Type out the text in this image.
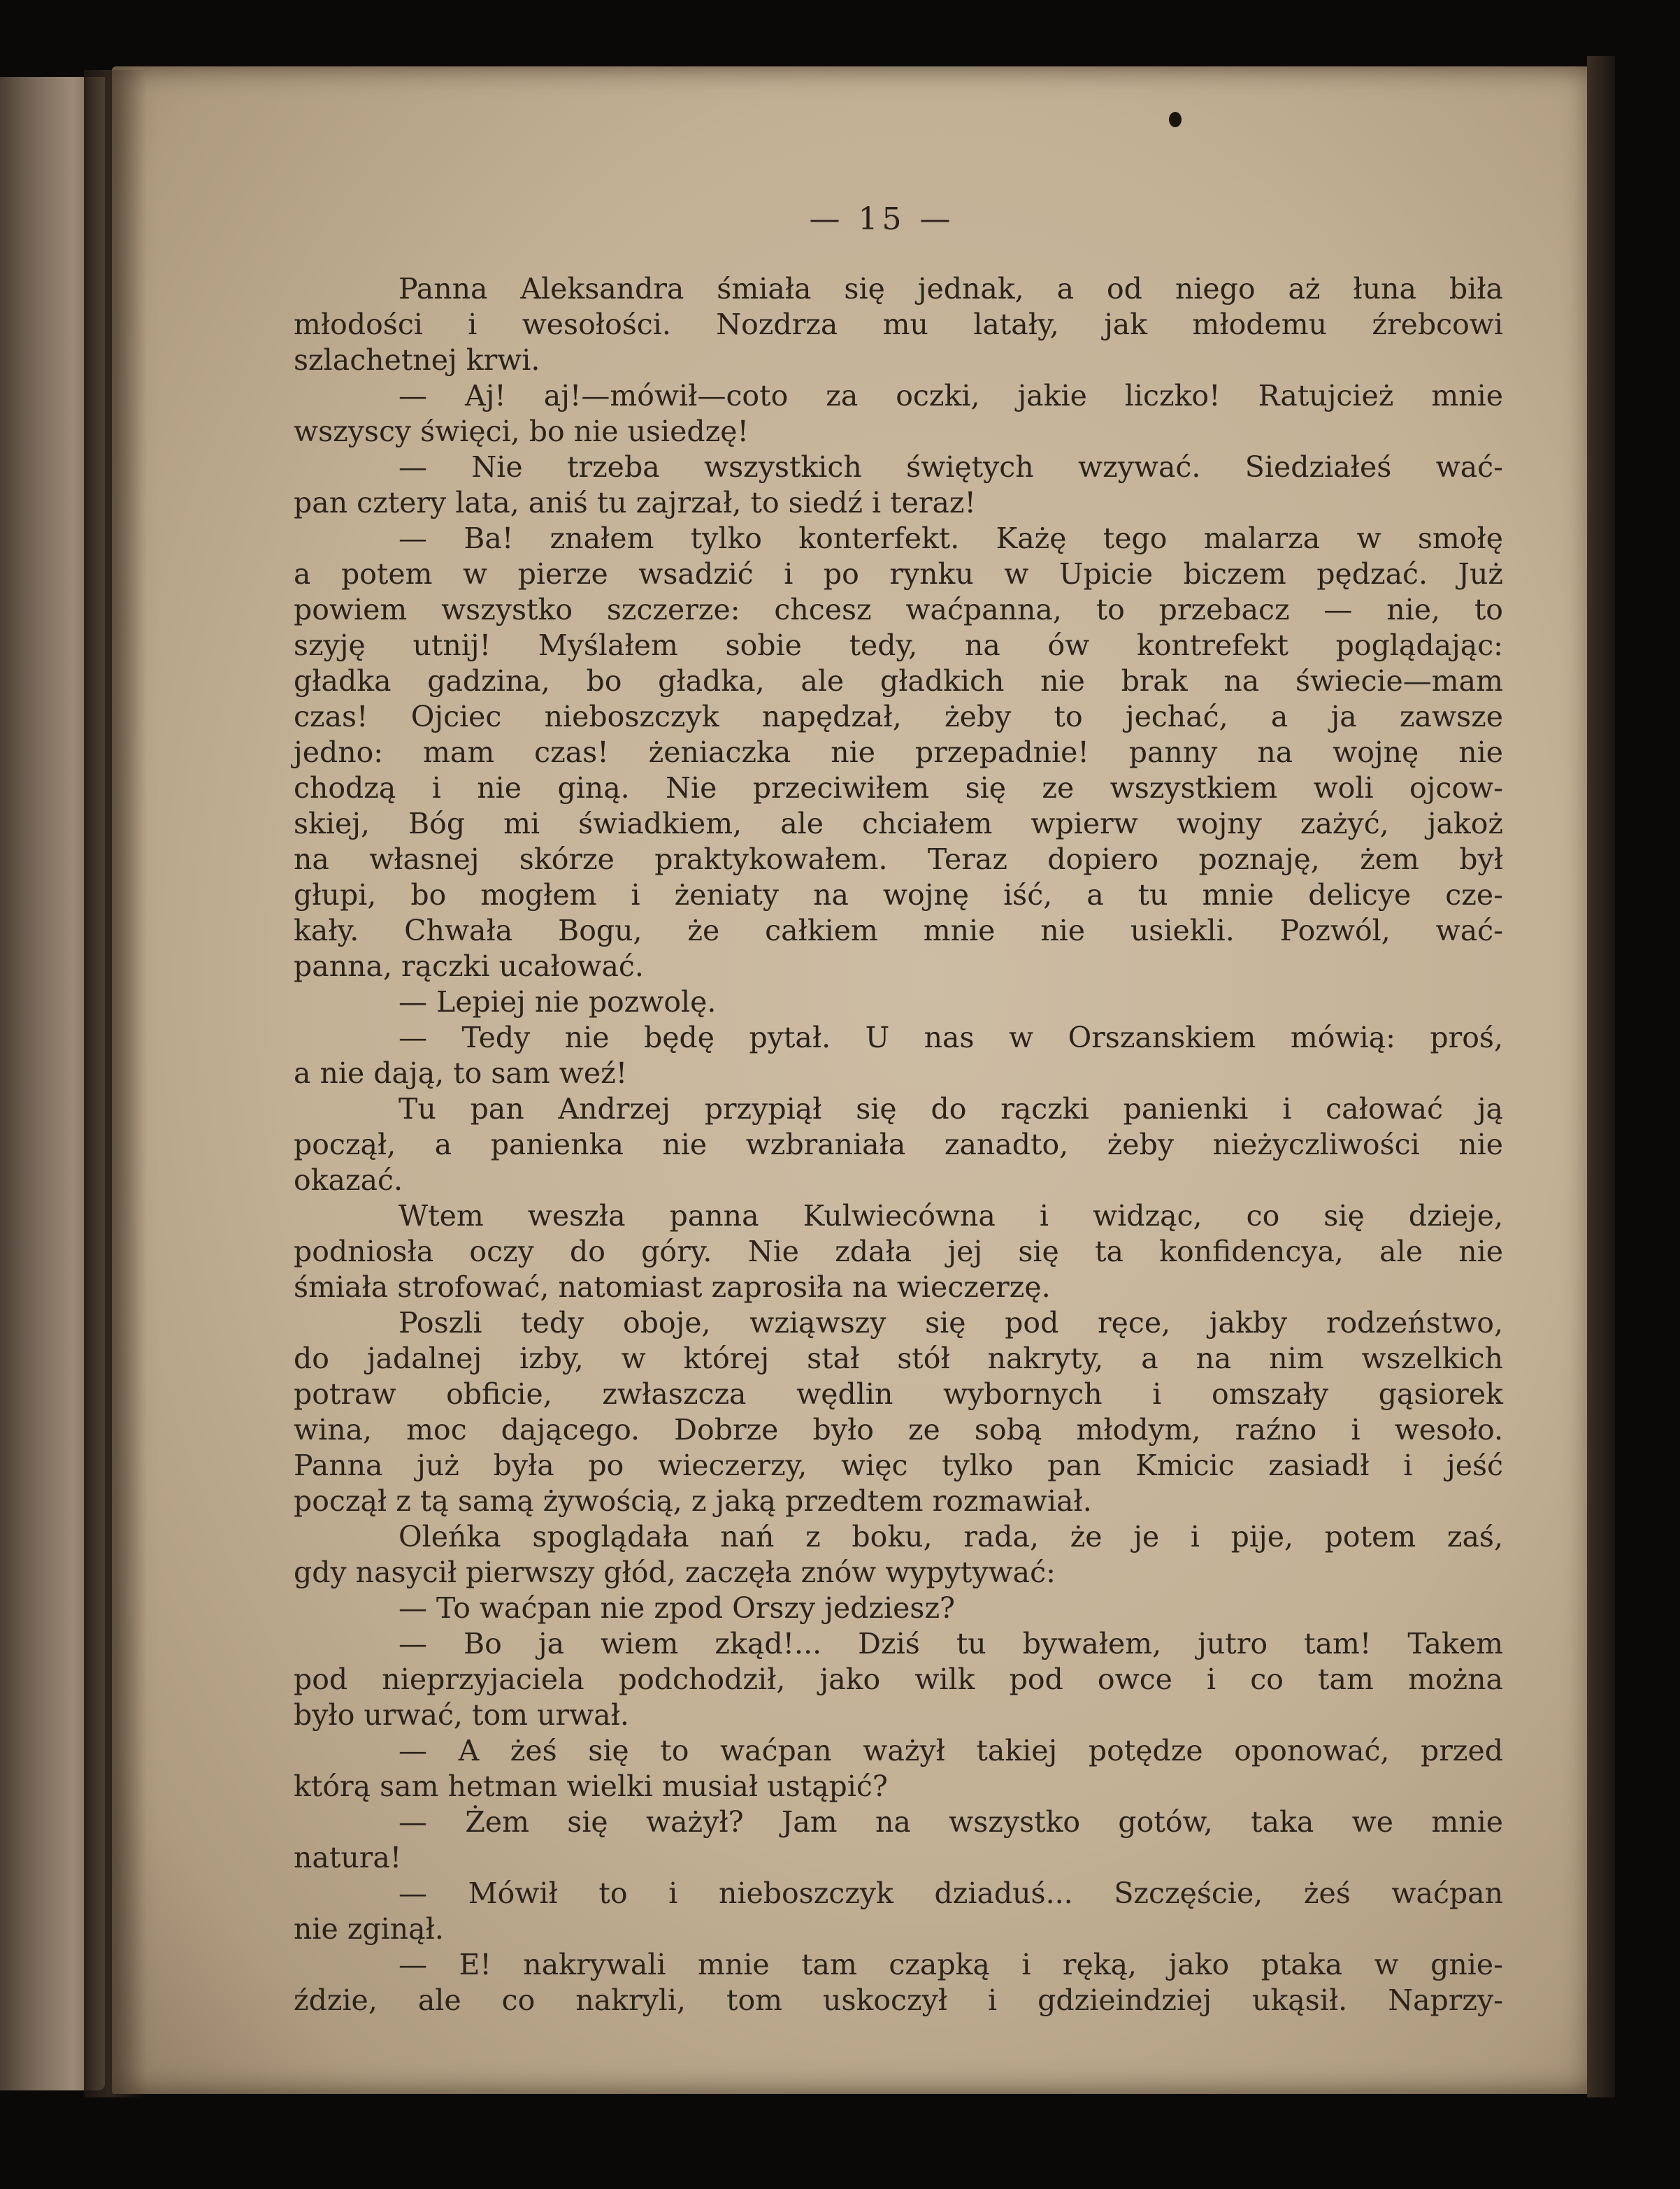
— 15 —
Panna Aleksandra śmiała się jednak, a od niego aż łuna biła
młodości i wesołości. Nozdrza mu latały, jak młodemu źrebcowi
szlachetnej krwi.
— Aj! aj!—mówił—coto za oczki, jakie liczko! Ratujcież mnie
wszyscy święci, bo nie usiedzę!
— Nie trzeba wszystkich świętych wzywać. Siedziałeś wać-
pan cztery lata, aniś tu zajrzał, to siedź i teraz!
— Ba! znałem tylko konterfekt. Każę tego malarza w smołę
a potem w pierze wsadzić i po rynku w Upicie biczem pędzać. Już
powiem wszystko szczerze: chcesz waćpanna, to przebacz — nie, to
szyję utnij! Myślałem sobie tedy, na ów kontrefekt poglądając:
gładka gadzina, bo gładka, ale gładkich nie brak na świecie—mam
czas! Ojciec nieboszczyk napędzał, żeby to jechać, a ja zawsze
jedno: mam czas! żeniaczka nie przepadnie! panny na wojnę nie
chodzą i nie giną. Nie przeciwiłem się ze wszystkiem woli ojcow-
skiej, Bóg mi świadkiem, ale chciałem wpierw wojny zażyć, jakoż
na własnej skórze praktykowałem. Teraz dopiero poznaję, żem był
głupi, bo mogłem i żeniaty na wojnę iść, a tu mnie delicye cze-
kały. Chwała Bogu, że całkiem mnie nie usiekli. Pozwól, wać-
panna, rączki ucałować.
— Lepiej nie pozwolę.
— Tedy nie będę pytał. U nas w Orszanskiem mówią: proś,
a nie dają, to sam weź!
Tu pan Andrzej przypiął się do rączki panienki i całować ją
począł, a panienka nie wzbraniała zanadto, żeby nieżyczliwości nie
okazać.
Wtem weszła panna Kulwiecówna i widząc, co się dzieje,
podniosła oczy do góry. Nie zdała jej się ta konfidencya, ale nie
śmiała strofować, natomiast zaprosiła na wieczerzę.
Poszli tedy oboje, wziąwszy się pod ręce, jakby rodzeństwo,
do jadalnej izby, w której stał stół nakryty, a na nim wszelkich
potraw obficie, zwłaszcza wędlin wybornych i omszały gąsiorek
wina, moc dającego. Dobrze było ze sobą młodym, raźno i wesoło.
Panna już była po wieczerzy, więc tylko pan Kmicic zasiadł i jeść
począł z tą samą żywością, z jaką przedtem rozmawiał.
Oleńka spoglądała nań z boku, rada, że je i pije, potem zaś,
gdy nasycił pierwszy głód, zaczęła znów wypytywać:
— To waćpan nie zpod Orszy jedziesz?
— Bo ja wiem zkąd!... Dziś tu bywałem, jutro tam! Takem
pod nieprzyjaciela podchodził, jako wilk pod owce i co tam można
było urwać, tom urwał.
— A żeś się to waćpan ważył takiej potędze oponować, przed
którą sam hetman wielki musiał ustąpić?
— Żem się ważył? Jam na wszystko gotów, taka we mnie
natura!
— Mówił to i nieboszczyk dziaduś... Szczęście, żeś waćpan
nie zginął.
— E! nakrywali mnie tam czapką i ręką, jako ptaka w gnie-
ździe, ale co nakryli, tom uskoczył i gdzieindziej ukąsił. Naprzy-
